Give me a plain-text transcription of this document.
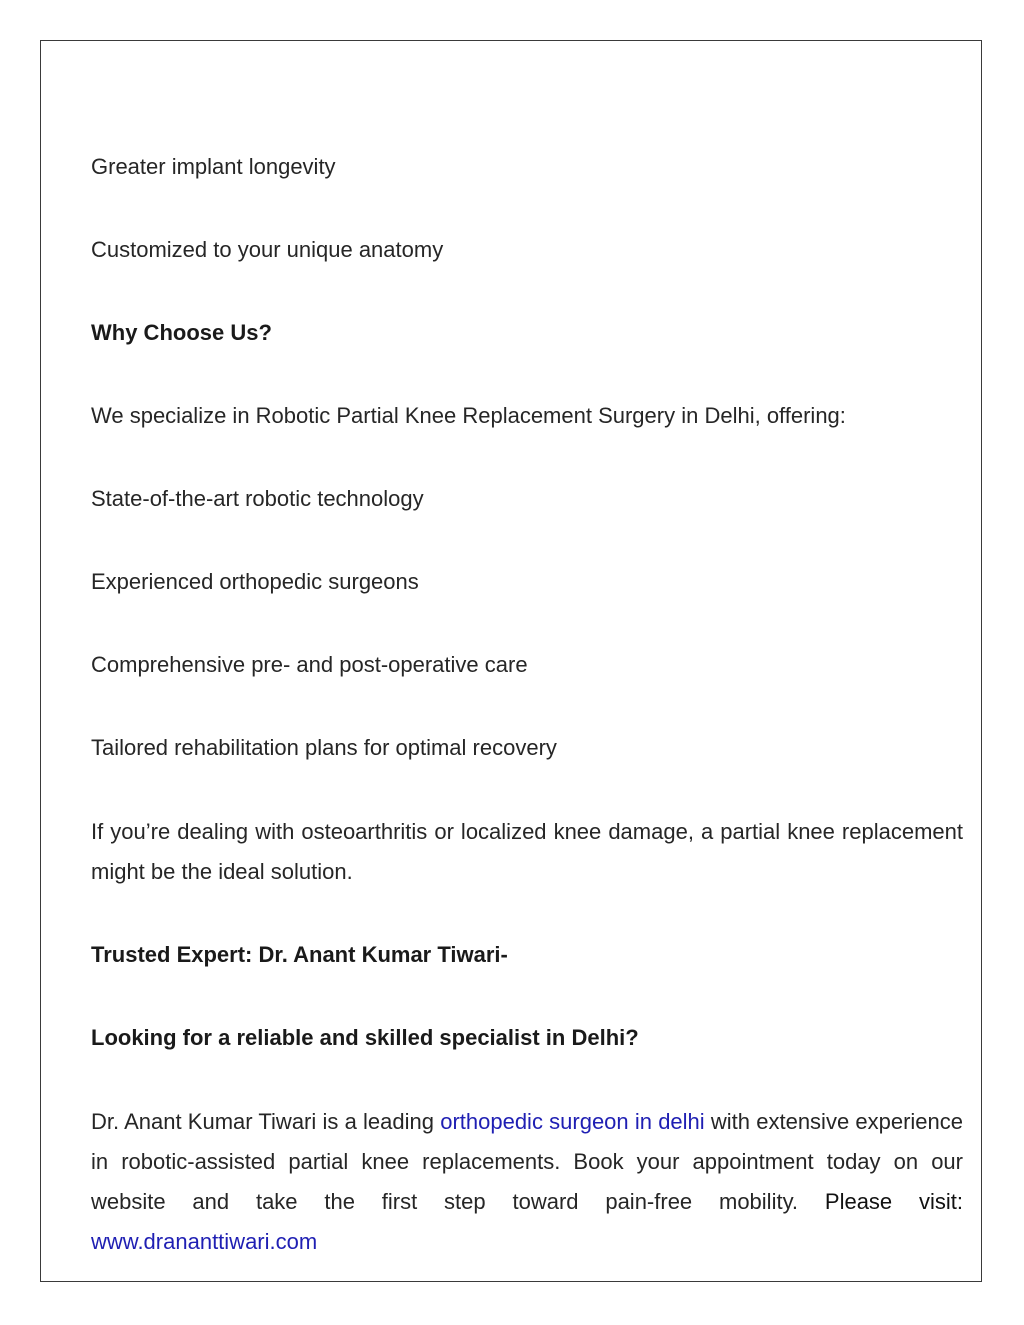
Greater implant longevity

Customized to your unique anatomy

Why Choose Us?

We specialize in Robotic Partial Knee Replacement Surgery in Delhi, offering:

State-of-the-art robotic technology

Experienced orthopedic surgeons

Comprehensive pre- and post-operative care

Tailored rehabilitation plans for optimal recovery

If you’re dealing with osteoarthritis or localized knee damage, a partial knee replacement might be the ideal solution.

Trusted Expert: Dr. Anant Kumar Tiwari-

Looking for a reliable and skilled specialist in Delhi?

Dr. Anant Kumar Tiwari is a leading orthopedic surgeon in delhi with extensive experience in robotic-assisted partial knee replacements. Book your appointment today on our website and take the first step toward pain-free mobility. Please visit: www.drananttiwari.com
